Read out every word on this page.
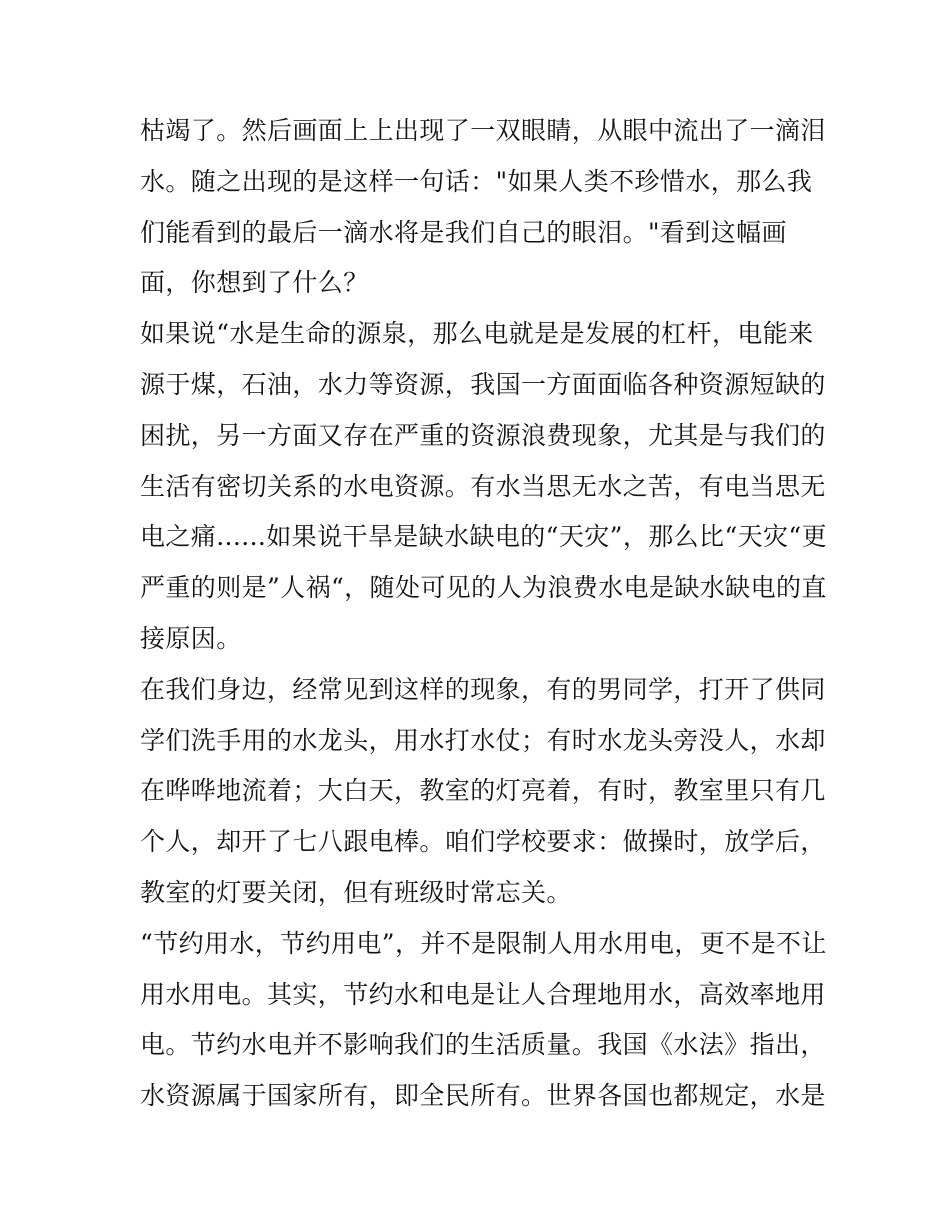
枯竭了。然后画面上上出现了一双眼睛，从眼中流出了一滴泪
水。随之出现的是这样一句话："如果人类不珍惜水，那么我
们能看到的最后一滴水将是我们自己的眼泪。"看到这幅画
面，你想到了什么？
如果说“水是生命的源泉，那么电就是是发展的杠杆，电能来
源于煤，石油，水力等资源，我国一方面面临各种资源短缺的
困扰，另一方面又存在严重的资源浪费现象，尤其是与我们的
生活有密切关系的水电资源。有水当思无水之苦，有电当思无
电之痛......如果说干旱是缺水缺电的“天灾”，那么比“天灾“更
严重的则是”人祸“，随处可见的人为浪费水电是缺水缺电的直
接原因。
在我们身边，经常见到这样的现象，有的男同学，打开了供同
学们洗手用的水龙头，用水打水仗；有时水龙头旁没人，水却
在哗哗地流着；大白天，教室的灯亮着，有时，教室里只有几
个人，却开了七八跟电棒。咱们学校要求：做操时，放学后，
教室的灯要关闭，但有班级时常忘关。
“节约用水，节约用电”，并不是限制人用水用电，更不是不让
用水用电。其实，节约水和电是让人合理地用水，高效率地用
电。节约水电并不影响我们的生活质量。我国《水法》指出，
水资源属于国家所有，即全民所有。世界各国也都规定，水是
